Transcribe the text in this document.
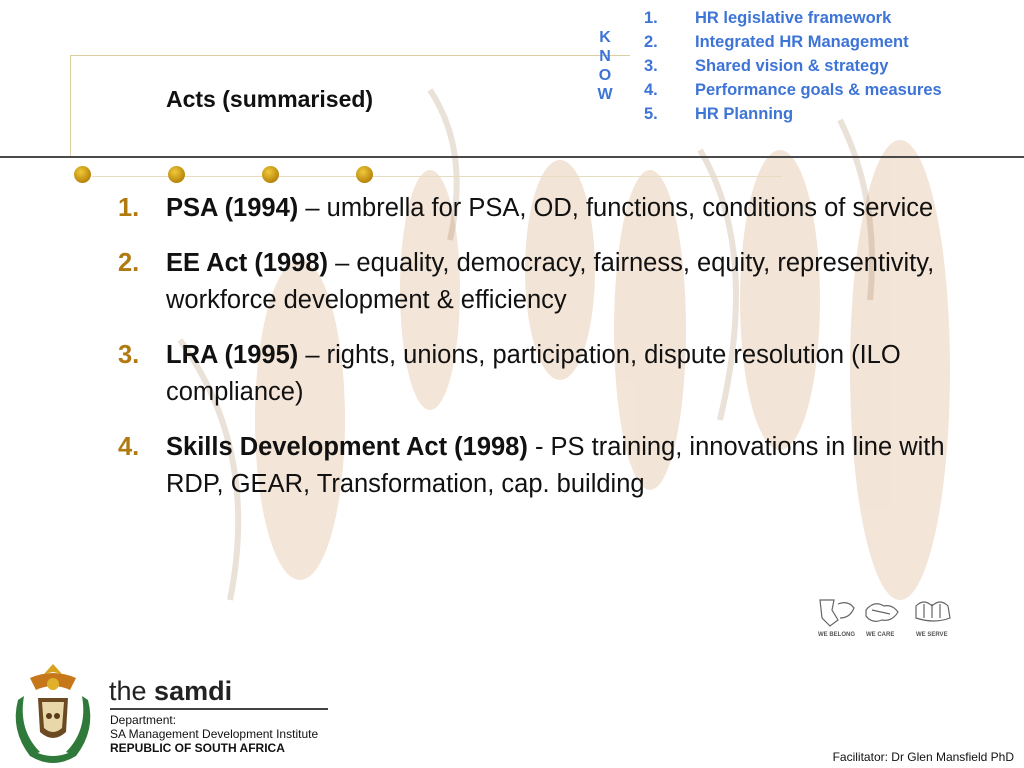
Acts (summarised)
K
N
O
W
1.	HR legislative framework
2.	Integrated HR Management
3.	Shared vision & strategy
4.	Performance goals & measures
5.	HR Planning
1.	PSA (1994) – umbrella for PSA, OD, functions, conditions of service
2.	EE Act (1998) – equality, democracy, fairness, equity, representivity, workforce development & efficiency
3.	LRA (1995) – rights, unions, participation, dispute resolution (ILO compliance)
4.	Skills Development Act (1998) - PS training, innovations in line with RDP, GEAR, Transformation, cap. building
WE BELONG WE CARE	WE SERVE
the samdi
Department:
SA Management Development Institute
REPUBLIC OF SOUTH AFRICA
Facilitator: Dr Glen Mansfield PhD
